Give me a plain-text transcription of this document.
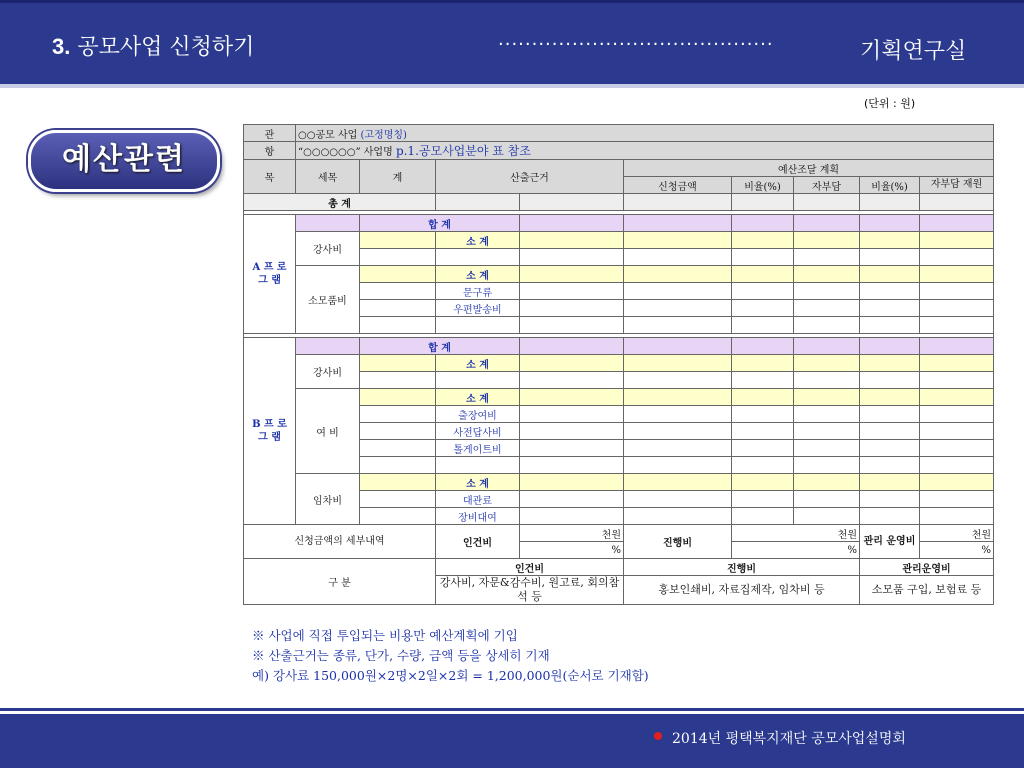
3. 공모사업 신청하기	·········································	기획연구실
(단위 : 원)
예산관련
관	○○공모 사업 (고정명칭)								
항	“○○○○○○” 사업명 p.1.공모사업분야 표 참조								
목	세목	계	산출근거		예산조달 계획				
					신청금액	비율(%)	자부담	비율(%)	자부담 재원
총 계									

A 프 로 그 램		합 계							
	강사비		소 계						

	소모품비		소 계						
			문구류						
			우편발송비						

B 프 로 그 램		합 계							
	강사비		소 계						

	여 비		소 계						
			출장여비						
			사전답사비						
			톨게이트비						

	임차비		소 계						
			대관료						
			장비대여						
신청금액의 세부내역			인건비	천원	진행비	천원		관리 운영비	천원
				%		%			%
구 분			인건비		진행비			관리운영비	
			강사비, 자문&감수비, 원고료, 회의참석 등		홍보인쇄비, 자료집제작, 임차비 등			소모품 구입, 보험료 등	

※ 사업에 직접 투입되는 비용만 예산계획에 기입
※ 산출근거는 종류, 단가, 수량, 금액 등을 상세히 기재
예) 강사료 150,000원×2명×2일×2회 = 1,200,000원(순서로 기재함)
2014년 평택복지재단 공모사업설명회
